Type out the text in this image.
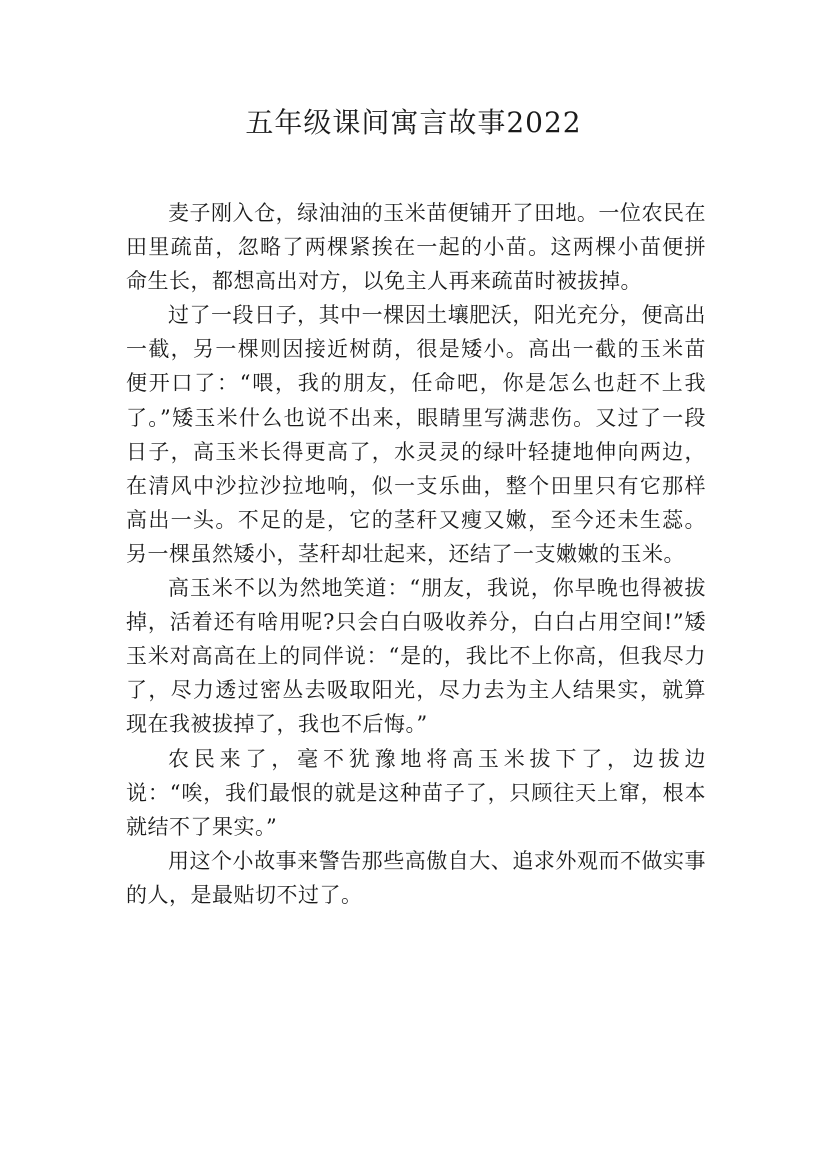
五年级课间寓言故事2022

麦子刚入仓，绿油油的玉米苗便铺开了田地。一位农民在田里疏苗，忽略了两棵紧挨在一起的小苗。这两棵小苗便拼命生长，都想高出对方，以免主人再来疏苗时被拔掉。

过了一段日子，其中一棵因土壤肥沃，阳光充分，便高出一截，另一棵则因接近树荫，很是矮小。高出一截的玉米苗便开口了：“喂，我的朋友，任命吧，你是怎么也赶不上我了。”矮玉米什么也说不出来，眼睛里写满悲伤。又过了一段日子，高玉米长得更高了，水灵灵的绿叶轻捷地伸向两边，在清风中沙拉沙拉地响，似一支乐曲，整个田里只有它那样高出一头。不足的是，它的茎秆又瘦又嫩，至今还未生蕊。另一棵虽然矮小，茎秆却壮起来，还结了一支嫩嫩的玉米。

高玉米不以为然地笑道：“朋友，我说，你早晚也得被拔掉，活着还有啥用呢?只会白白吸收养分，白白占用空间!”矮玉米对高高在上的同伴说：“是的，我比不上你高，但我尽力了，尽力透过密丛去吸取阳光，尽力去为主人结果实，就算现在我被拔掉了，我也不后悔。”

农民来了，毫不犹豫地将高玉米拔下了，边拔边说：“唉，我们最恨的就是这种苗子了，只顾往天上窜，根本就结不了果实。”

用这个小故事来警告那些高傲自大、追求外观而不做实事的人，是最贴切不过了。
